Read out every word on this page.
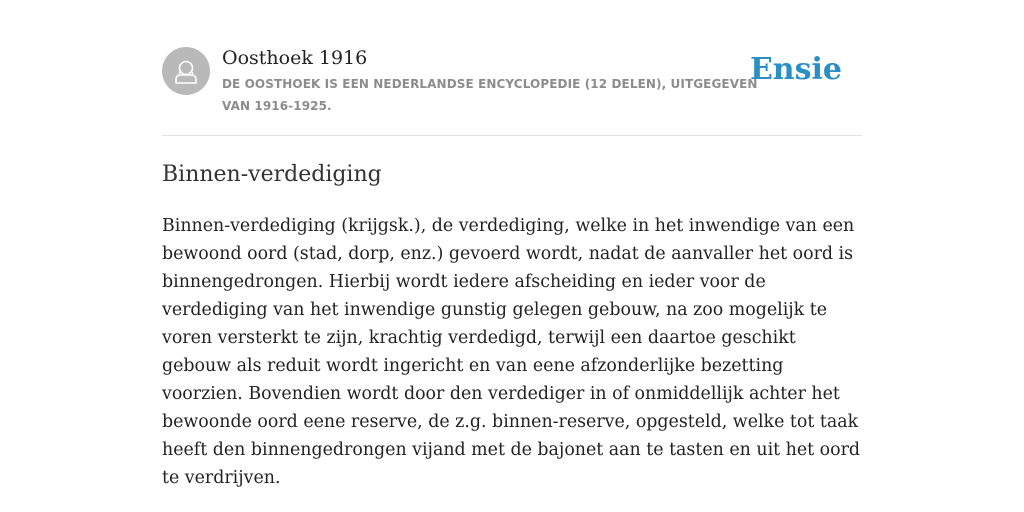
Oosthoek 1916
DE OOSTHOEK IS EEN NEDERLANDSE ENCYCLOPEDIE (12 DELEN), UITGEGEVEN VAN 1916-1925.
Ensie
Binnen-verdediging

Binnen-verdediging (krijgsk.), de verdediging, welke in het inwendige van een bewoond oord (stad, dorp, enz.) gevoerd wordt, nadat de aanvaller het oord is binnengedrongen. Hierbij wordt iedere afscheiding en ieder voor de verdediging van het inwendige gunstig gelegen gebouw, na zoo mogelijk te voren versterkt te zijn, krachtig verdedigd, terwijl een daartoe geschikt gebouw als reduit wordt ingericht en van eene afzonderlijke bezetting voorzien. Bovendien wordt door den verdediger in of onmiddellijk achter het bewoonde oord eene reserve, de z.g. binnen-reserve, opgesteld, welke tot taak heeft den binnengedrongen vijand met de bajonet aan te tasten en uit het oord te verdrijven.
